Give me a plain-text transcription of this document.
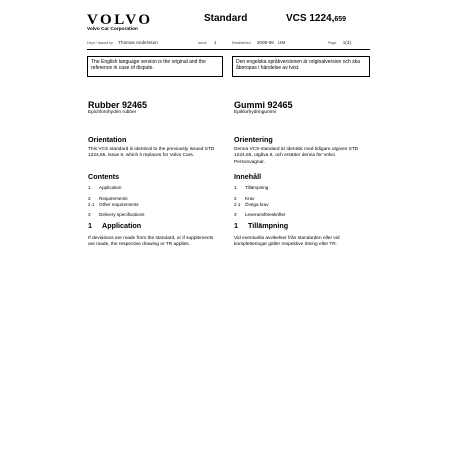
VOLVO
Volvo Car Corporation
Standard	VCS 1224,659
Dept / Issued by Thomas Andersson	Issue 1	Established 2009-08 UM	Page 1(3)
The English language version is the original and the reference in case of dispute.
Den engelska språkversionen är originalversion och ska åberopas i händelse av tvist.
Rubber 92465
Epichlorohydrin rubber
Orientation
This VCS standard is identical to the previously issued STD 1224,65, issue 8, which it replaces for Volvo Cars.
Contents
1 Application
2 Requirements
2.1 Other requirements
3 Delivery specifications
1 Application
If deviations are made from the standard, or if supplements are made, the respective drawing or TR applies.
Gummi 92465
Epiklorhydringummi
Orientering
Denna VCS-standard är identisk med tidigare utgiven STD 1224,65, utgåva 8, och ersätter denna för Volvo Personvagnar.
Innehåll
1 Tillämpning
2 Krav
2.1 Övriga krav
3 Leveransföreskrifter
1 Tillämpning
Vid eventuella avvikelser från standarden eller vid kompletteringar gäller respektive ritning eller TR.
